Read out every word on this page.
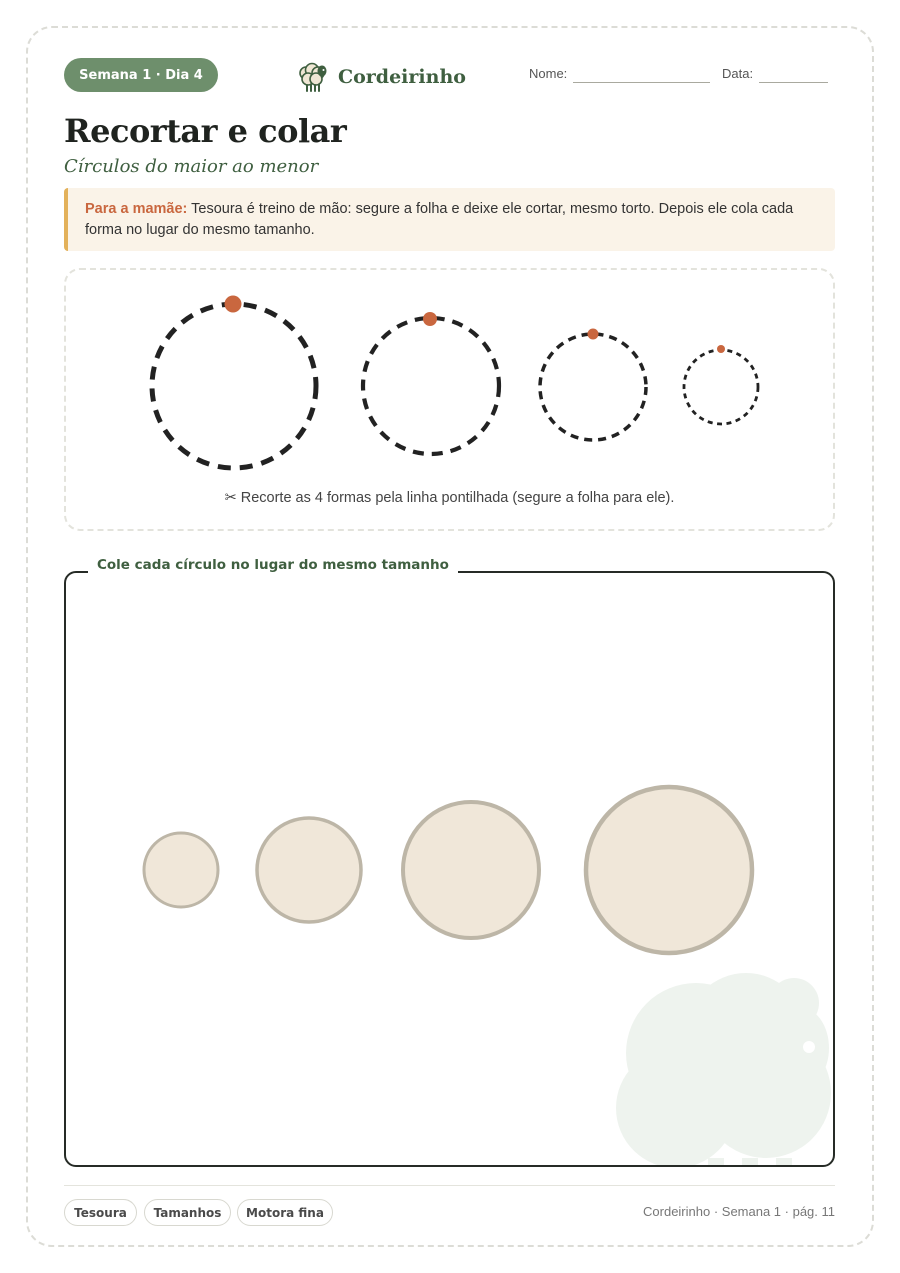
Semana 1 · Dia 4	Cordeirinho	Nome:	Data:
Recortar e colar
Círculos do maior ao menor
Para a mamãe: Tesoura é treino de mão: segure a folha e deixe ele cortar, mesmo torto. Depois ele cola cada forma no lugar do mesmo tamanho.
✂ Recorte as 4 formas pela linha pontilhada (segure a folha para ele).
Cole cada círculo no lugar do mesmo tamanho
Tesoura	Tamanhos	Motora fina	Cordeirinho · Semana 1 · pág. 11
